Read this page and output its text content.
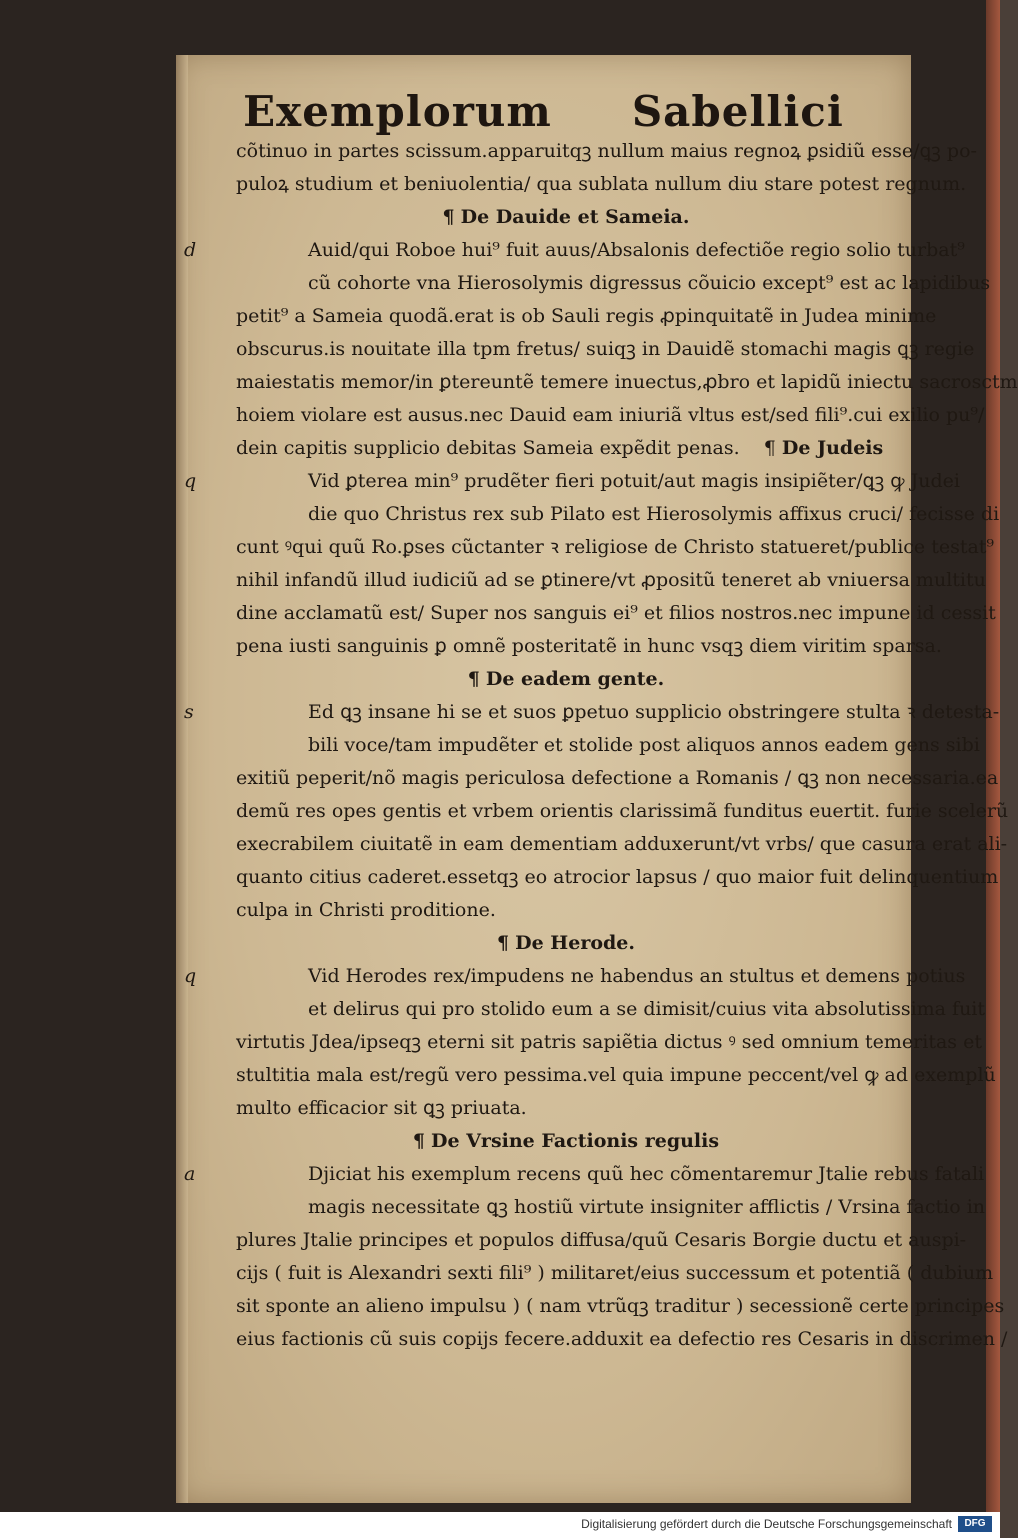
Exemplorum Sabellici
cõtinuo in partes scissum.apparuitqꝫ nullum maius regnoꝝ ꝑsidiũ esse/ꝗꝫ po-
puloꝝ studium et beniuolentia/ qua sublata nullum diu stare potest regnum.
¶ De Dauide et Sameia.
d	Auid/qui Roboe hui⁹ fuit auus/Absalonis defectiõe regio solio turbat⁹
cũ cohorte vna Hierosolymis digressus cõuicio except⁹ est ac lapidibus
petit⁹ a Sameia quodã.erat is ob Sauli regis ꝓpinquitatẽ in Judea minime
obscurus.is nouitate illa tpm fretus/ suiqꝫ in Dauidẽ stomachi magis ꝗꝫ regie
maiestatis memor/in ꝑtereuntẽ temere inuectus,ꝓbro et lapidũ iniectu sacrosctm
hoiem violare est ausus.nec Dauid eam iniuriã vltus est/sed fili⁹.cui exilio pu⁹/
dein capitis supplicio debitas Sameia expẽdit penas.    ¶ De Judeis
q	Vid ꝑterea min⁹ prudẽter fieri potuit/aut magis insipiẽter/ꝗꝫ ꝙ Judei
die quo Christus rex sub Pilato est Hierosolymis affixus cruci/ fecisse di
cunt ꝰqui quũ Ro.ꝑses cũctanter ꝛ religiose de Christo statueret/publice testat⁹
nihil infandũ illud iudiciũ ad se ꝑtinere/vt ꝓpositũ teneret ab vniuersa multitu
dine acclamatũ est/ Super nos sanguis ei⁹ et filios nostros.nec impune id cessit
pena iusti sanguinis ꝑ omnẽ posteritatẽ in hunc vsqꝫ diem viritim sparsa.
¶ De eadem gente.
s	Ed ꝗꝫ insane hi se et suos ꝑpetuo supplicio obstringere stulta ꝛ detesta-
bili voce/tam impudẽter et stolide post aliquos annos eadem gens sibi
exitiũ peperit/nõ magis periculosa defectione a Romanis / ꝗꝫ non necessaria.ea
demũ res opes gentis et vrbem orientis clarissimã funditus euertit. furie scelerũ
execrabilem ciuitatẽ in eam dementiam adduxerunt/vt vrbs/ que casura erat ali-
quanto citius caderet.essetqꝫ eo atrocior lapsus / quo maior fuit delinquentium
culpa in Christi proditione.
¶ De Herode.
q	Vid Herodes rex/impudens ne habendus an stultus et demens potius
et delirus qui pro stolido eum a se dimisit/cuius vita absolutissima fuit
virtutis Jdea/ipseqꝫ eterni sit patris sapiẽtia dictus ꝰ sed omnium temeritas et
stultitia mala est/regũ vero pessima.vel quia impune peccent/vel ꝙ ad exemplũ
multo efficacior sit ꝗꝫ priuata.
¶ De Vrsine Factionis regulis
a	Djiciat his exemplum recens quũ hec cõmentaremur Jtalie rebus fatali
magis necessitate ꝗꝫ hostiũ virtute insigniter afflictis / Vrsina factio in
plures Jtalie principes et populos diffusa/quũ Cesaris Borgie ductu et auspi-
cijs ( fuit is Alexandri sexti fili⁹ ) militaret/eius successum et potentiã ( dubium
sit sponte an alieno impulsu ) ( nam vtrũqꝫ traditur ) secessionẽ certe principes
eius factionis cũ suis copijs fecere.adduxit ea defectio res Cesaris in discrimen /
Digitalisierung gefördert durch die Deutsche Forschungsgemeinschaft	DFG
